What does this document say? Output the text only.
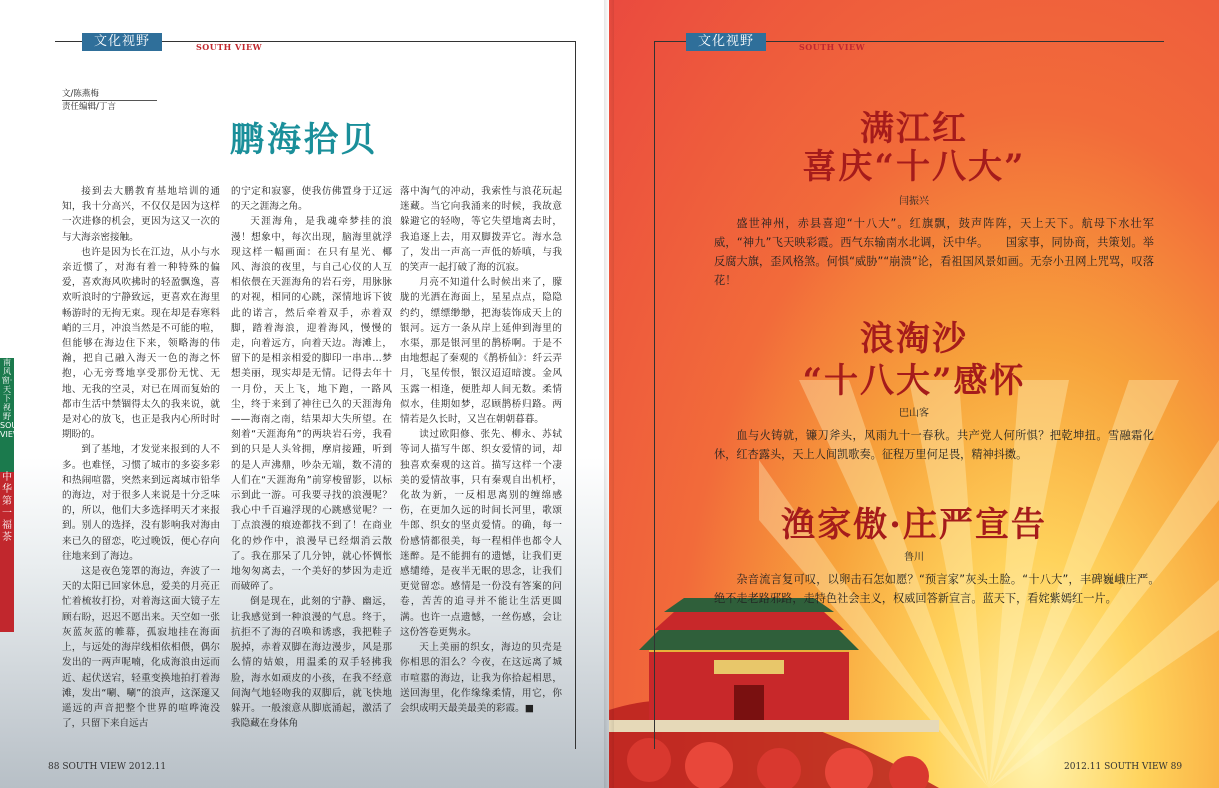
文化视野	SOUTH VIEW
文/陈燕梅
责任编辑/丁言
鹏海拾贝

接到去大鹏教育基地培训的通知，我十分高兴，不仅仅是因为这样一次进修的机会，更因为这又一次的与大海亲密接触。

也许是因为长在江边，从小与水亲近惯了，对海有着一种特殊的偏爱，喜欢海风吹拂时的轻盈飘逸，喜欢听浪时的宁静致远，更喜欢在海里畅游时的无拘无束。现在却是春寒料峭的三月，冲浪当然是不可能的啦，但能够在海边住下来，领略海的伟瀚，把自己融入海天一色的海之怀抱，心无旁骛地享受那份无忧、无地、无我的空灵，对已在周而复始的都市生活中禁锢得太久的我来说，就是对心的放飞，也正是我内心所时时期盼的。

到了基地，才发觉来报到的人不多。也难怪，习惯了城市的多姿多彩和热闹喧嚣，突然来到远离城市铅华的海边，对于很多人来说是十分乏味的，所以，他们大多选择明天才来报到。别人的选择，没有影响我对海由来已久的留恋，吃过晚饭，便心存向往地来到了海边。

这是夜色笼罩的海边，奔波了一天的太阳已回家休息，爱美的月亮正忙着梳妆打扮，对着海这面大镜子左顾右盼，迟迟不愿出来。天空如一张灰蓝灰蓝的帷幕，孤寂地挂在海面上，与远处的海岸线相依相偎，偶尔发出的一两声呢喃，化成海浪由远而近、起伏送宕，轻重变换地拍打着海滩，发出“唰、唰”的浪声，这深邃又遥远的声音把整个世界的喧哗淹没了，只留下来自远古

的宁定和寂寥，使我仿佛置身于辽远的天之涯海之角。

天涯海角，是我魂牵梦挂的浪漫！想象中，每次出现，脑海里就浮现这样一幅画面：在只有星光、椰风、海浪的夜里，与自己心仪的人互相依偎在天涯海角的岩石旁，用脉脉的对视，相同的心跳，深情地诉下彼此的诺言，然后牵着双手，赤着双脚，踏着海浪，迎着海风，慢慢的走，向着远方，向着天边。海滩上，留下的是相亲相爱的脚印一串串…梦想美丽，现实却是无情。记得去年十一月份，天上飞，地下跑，一路风尘，终于来到了神往已久的天涯海角——海南之南，结果却大失所望。在刻着“天涯海角”的两块岩石旁，我看到的只是人头耸拥，摩肩接踵，听到的是人声沸鼎，吵杂无端，数不清的人们在“天涯海角”前穿梭留影，以标示到此一游。可我要寻找的浪漫呢？我心中千百遍浮现的心跳感觉呢？一丁点浪漫的痕迹都找不到了！在商业化的炒作中，浪漫早已经烟消云散了。我在那呆了几分钟，就心怀惆怅地匆匆离去，一个美好的梦因为走近而破碎了。

倒是现在，此刻的宁静、幽远，让我感觉到一种浪漫的气息。终于，抗拒不了海的召唤和诱惑，我把鞋子脱掉，赤着双脚在海边漫步，风是那么情的姑娘，用温柔的双手轻拂我脸，海水如顽皮的小孩，在我不经意间淘气地轻吻我的双脚后，就飞快地躲开。一般滚意从脚底涌起，激活了我隐藏在身体角

落中淘气的冲动，我索性与浪花玩起迷藏。当它向我涌来的时候，我故意躲避它的轻吻，等它失望地离去时，我追逐上去，用双脚拨弄它。海水急了，发出一声高一声低的娇嗔，与我的笑声一起打破了海的沉寂。

月亮不知道什么时候出来了，朦胧的光洒在海面上，星星点点，隐隐约约，缥缥缈缈，把海装饰成天上的银河。远方一条从岸上延伸到海里的水渠，那是银河里的鹊桥啊。于是不由地想起了秦观的《鹊桥仙》：纤云弄月，飞星传恨，银汉迢迢暗渡。金风玉露一相逢，便胜却人间无数。柔情似水，佳期如梦，忍顾鹊桥归路。两情若是久长时，又岂在朝朝暮暮。

读过欧阳修、张先、柳永、苏轼等词人描写牛郎、织女爱情的词，却独喜欢秦观的这首。描写这样一个凄美的爱情故事，只有秦观自出机杼，化故为新，一反相思离别的缠绵感伤，在更加久远的时间长河里，歌颂牛郎、织女的坚贞爱情。的确，每一份感情都很美，每一程相伴也都令人迷醉。是不能拥有的遗憾，让我们更感缱绻，是夜半无眠的思念，让我们更觉留恋。感情是一份没有答案的问卷，苦苦的追寻并不能让生活更圆满。也许一点遗憾，一丝伤感，会让这份答卷更隽永。

天上美丽的织女，海边的贝壳是你相思的泪么？今夜，在这远离了城市喧嚣的海边，让我为你拾起相思，送回海里，化作缘缘柔情，用它，你会织成明天最美最美的彩霞。■

南风窗·天下视野 SOUTH VIEW
中华第一福茶
88 SOUTH VIEW 2012.11
文化视野	SOUTH VIEW
满江红
喜庆“十八大”
闫振兴

盛世神州，赤县喜迎“十八大”。红旗飘，鼓声阵阵，天上天下。航母下水壮军威，“神九”飞天映彩霞。西气东输南水北调，沃中华。　　国家事，同协商，共策划。举反腐大旗，歪风格煞。何惧“威胁”“崩溃”论，看祖国风景如画。无奈小丑网上咒骂，叹落花！

浪淘沙
“十八大”感怀
巴山客

血与火铸就，镰刀斧头，风雨九十一春秋。共产党人何所惧？把乾坤扭。雪融霜化休，红杏露头，天上人间凯歌奏。征程万里何足畏，精神抖擞。

渔家傲·庄严宣告
鲁川

杂音流言复可叹，以卵击石怎如愿？“预言家”灰头土脸。“十八大”，丰碑巍峨庄严。　绝不走老路邪路，走特色社会主义，权威回答新宣言。蓝天下，看姹紫嫣红一片。

2012.11 SOUTH VIEW 89
